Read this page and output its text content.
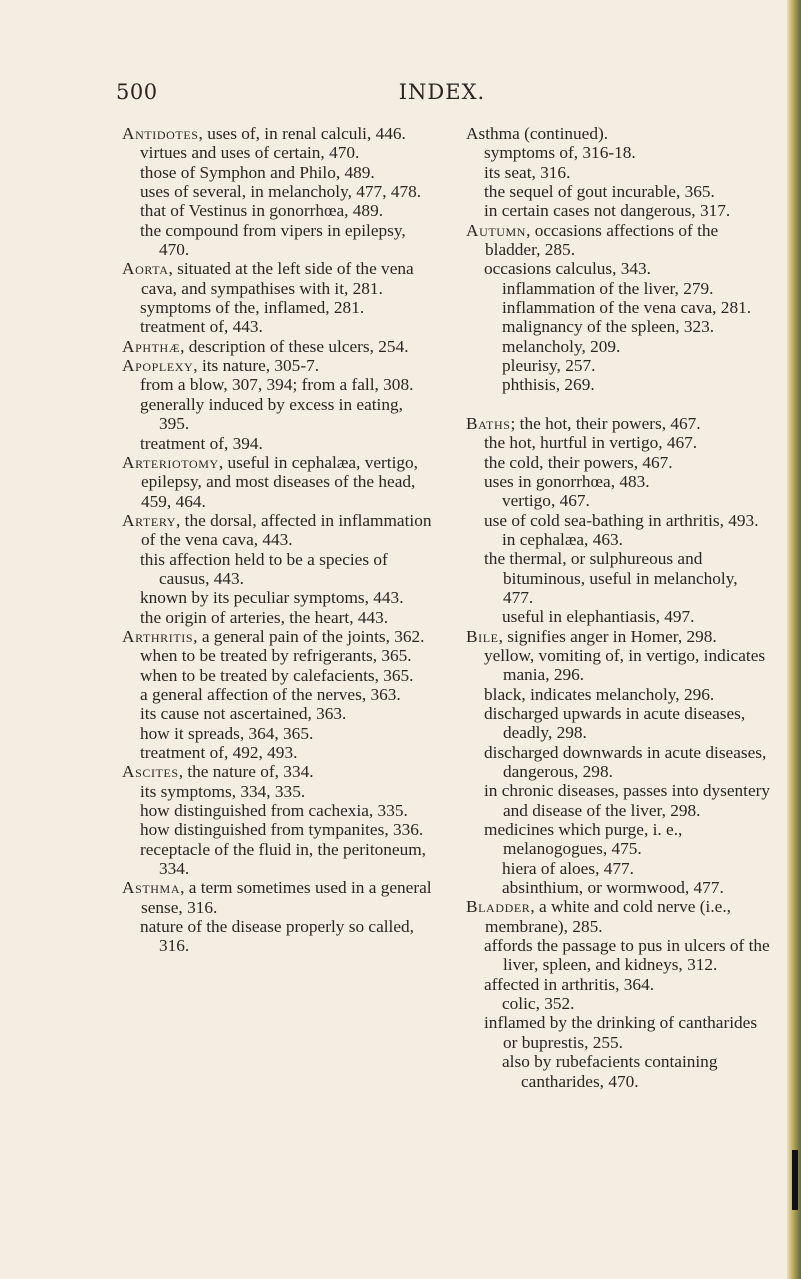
500	INDEX.
Antidotes, uses of, in renal calculi, 446.
virtues and uses of certain, 470.
those of Symphon and Philo, 489.
uses of several, in melancholy, 477, 478.
that of Vestinus in gonorrhœa, 489.
the compound from vipers in epilepsy, 470.
Aorta, situated at the left side of the vena cava, and sympathises with it, 281.
symptoms of the, inflamed, 281.
treatment of, 443.
Aphthæ, description of these ulcers, 254.
Apoplexy, its nature, 305-7.
from a blow, 307, 394; from a fall, 308.
generally induced by excess in eating, 395.
treatment of, 394.
Arteriotomy, useful in cephalæa, vertigo, epilepsy, and most diseases of the head, 459, 464.
Artery, the dorsal, affected in inflammation of the vena cava, 443.
this affection held to be a species of causus, 443.
known by its peculiar symptoms, 443.
the origin of arteries, the heart, 443.
Arthritis, a general pain of the joints, 362.
when to be treated by refrigerants, 365.
when to be treated by calefacients, 365.
a general affection of the nerves, 363.
its cause not ascertained, 363.
how it spreads, 364, 365.
treatment of, 492, 493.
Ascites, the nature of, 334.
its symptoms, 334, 335.
how distinguished from cachexia, 335.
how distinguished from tympanites, 336.
receptacle of the fluid in, the peritoneum, 334.
Asthma, a term sometimes used in a general sense, 316.
nature of the disease properly so called, 316.
Asthma (continued).
symptoms of, 316-18.
its seat, 316.
the sequel of gout incurable, 365.
in certain cases not dangerous, 317.
Autumn, occasions affections of the bladder, 285.
occasions calculus, 343.
inflammation of the liver, 279.
inflammation of the vena cava, 281.
malignancy of the spleen, 323.
melancholy, 209.
pleurisy, 257.
phthisis, 269.
Baths; the hot, their powers, 467.
the hot, hurtful in vertigo, 467.
the cold, their powers, 467.
uses in gonorrhœa, 483.
vertigo, 467.
use of cold sea-bathing in arthritis, 493.
in cephalæa, 463.
the thermal, or sulphureous and bituminous, useful in melancholy, 477.
useful in elephantiasis, 497.
Bile, signifies anger in Homer, 298.
yellow, vomiting of, in vertigo, indicates mania, 296.
black, indicates melancholy, 296.
discharged upwards in acute diseases, deadly, 298.
discharged downwards in acute diseases, dangerous, 298.
in chronic diseases, passes into dysentery and disease of the liver, 298.
medicines which purge, i. e., melanogogues, 475.
hiera of aloes, 477.
absinthium, or wormwood, 477.
Bladder, a white and cold nerve (i.e., membrane), 285.
affords the passage to pus in ulcers of the liver, spleen, and kidneys, 312.
affected in arthritis, 364.
colic, 352.
inflamed by the drinking of cantharides or buprestis, 255.
also by rubefacients containing cantharides, 470.
